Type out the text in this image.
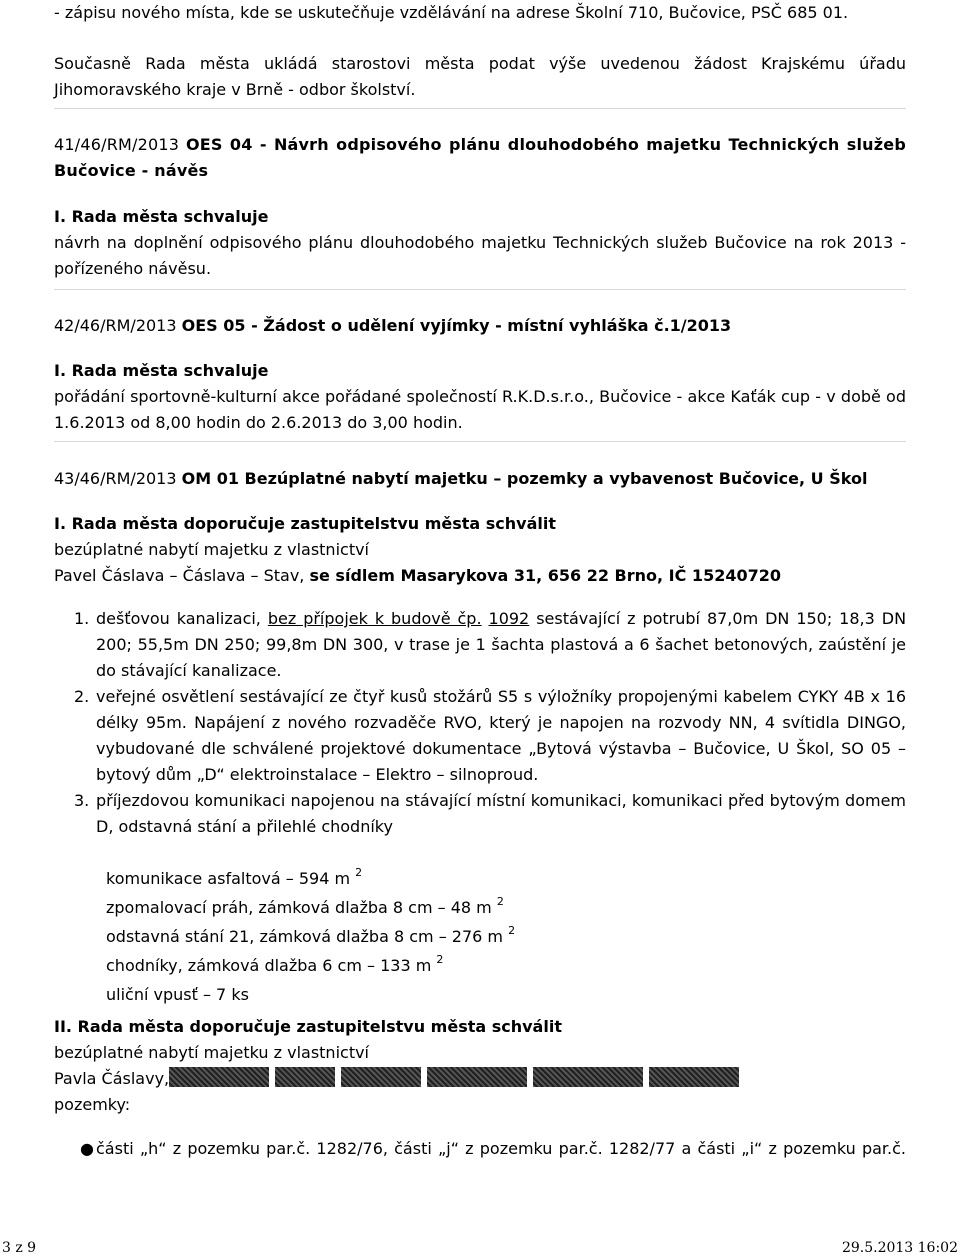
- zápisu nového místa, kde se uskutečňuje vzdělávání na adrese Školní 710, Bučovice, PSČ 685 01.

Současně Rada města ukládá starostovi města podat výše uvedenou žádost Krajskému úřadu Jihomoravského kraje v Brně - odbor školství.

41/46/RM/2013 OES 04 - Návrh odpisového plánu dlouhodobého majetku Technických služeb Bučovice - návěs

I. Rada města schvaluje

návrh na doplnění odpisového plánu dlouhodobého majetku Technických služeb Bučovice na rok 2013 - pořízeného návěsu.

42/46/RM/2013 OES 05 - Žádost o udělení vyjímky - místní vyhláška č.1/2013

I. Rada města schvaluje

pořádání sportovně-kulturní akce pořádané společností R.K.D.s.r.o., Bučovice - akce Kaťák cup - v době od 1.6.2013 od 8,00 hodin do 2.6.2013 do 3,00 hodin.

43/46/RM/2013 OM 01 Bezúplatné nabytí majetku – pozemky a vybavenost Bučovice, U Škol

I. Rada města doporučuje zastupitelstvu města schválit

bezúplatné nabytí majetku z vlastnictví

Pavel Čáslava – Čáslava – Stav, se sídlem Masarykova 31, 656 22 Brno, IČ 15240720

1. dešťovou kanalizaci, bez přípojek k budově čp. 1092 sestávající z potrubí 87,0m DN 150; 18,3 DN 200; 55,5m DN 250; 99,8m DN 300, v trase je 1 šachta plastová a 6 šachet betonových, zaústění je do stávající kanalizace.

2. veřejné osvětlení sestávající ze čtyř kusů stožárů S5 s výložníky propojenými kabelem CYKY 4B x 16 délky 95m. Napájení z nového rozvaděče RVO, který je napojen na rozvody NN, 4 svítidla DINGO, vybudované dle schválené projektové dokumentace „Bytová výstavba – Bučovice, U Škol, SO 05 – bytový dům „D“ elektroinstalace – Elektro – silnoproud.

3. příjezdovou komunikaci napojenou na stávající místní komunikaci, komunikaci před bytovým domem D, odstavná stání a přilehlé chodníky

komunikace asfaltová – 594 m $^2$

zpomalovací práh, zámková dlažba 8 cm – 48 m $^2$

odstavná stání 21, zámková dlažba 8 cm – 276 m $^2$

chodníky, zámková dlažba 6 cm – 133 m $^2$

uliční vpusť – 7 ks

II. Rada města doporučuje zastupitelstvu města schválit

bezúplatné nabytí majetku z vlastnictví

Pavla Čáslavy,

pozemky:

● části „h“ z pozemku par.č. 1282/76, části „j“ z pozemku par.č. 1282/77 a části „i“ z pozemku par.č.

3 z 9	29.5.2013 16:02
